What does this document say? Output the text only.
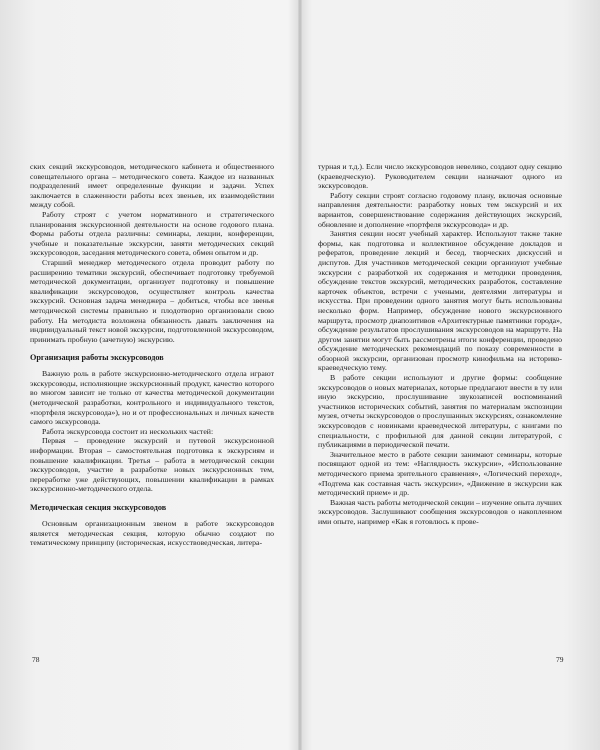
ских секций экскурсоводов, методического кабинета и общественного совещательного органа – методического совета. Каждое из названных подразделений имеет определенные функции и задачи. Успех заключается в слаженности работы всех звеньев, их взаимодействии между собой.

Работу строят с учетом нормативного и стратегического планирования экскурсионной деятельности на основе годового плана. Формы работы отдела различны: семинары, лекции, конференции, учебные и показательные экскурсии, заняти методических секций экскурсоводов, заседания методического совета, обмен опытом и др.

Старший менеджер методического отдела проводит работу по расширению тематики экскурсий, обеспечивает подготовку требуемой методической документации, организует подготовку и повышение квалификации экскурсоводов, осуществляет контроль качества экскурсий. Основная задача менеджера – добиться, чтобы все звенья методической системы правильно и плодотворно организовали свою работу. На методиста возложена обязанность давать заключения на индивидуальный текст новой экскурсии, подготовленной экскурсоводом, принимать пробную (зачетную) экскурсию.

Организация работы экскурсоводов

Важную роль в работе экскурсионно-методического отдела играют экскурсоводы, исполняющие экскурсионный продукт, качество которого во многом зависит не только от качества методической документации (методической разработки, контрольного и индивидуального текстов, «портфеля экскурсовода»), но и от профессиональных и личных качеств самого экскурсовода.

Работа экскурсовода состоит из нескольких частей:

Первая – проведение экскурсий и путевой экскурсионной информации. Вторая – самостоятельная подготовка к экскурсиям и повышение квалификации. Третья – работа в методической секции экскурсоводов, участие в разработке новых экскурсионных тем, переработке уже действующих, повышении квалификации в рамках экскурсионно-методического отдела.

Методическая секция экскурсоводов

Основным организационным звеном в работе экскурсоводов является методическая секция, которую обычно создают по тематическому принципу (историческая, искусствоведческая, литера-

78

турная и т.д.). Если число экскурсоводов невелико, создают одну секцию (краеведческую). Руководителем секции назначают одного из экскурсоводов.

Работу секции строят согласно годовому плану, включая основные направления деятельности: разработку новых тем экскурсий и их вариантов, совершенствование содержания действующих экскурсий, обновление и дополнение «портфеля экскурсовода» и др.

Занятия секции носят учебный характер. Используют также такие формы, как подготовка и коллективное обсуждение докладов и рефератов, проведение лекций и бесед, творческих дискуссий и диспутов. Для участников методической секции организуют учебные экскурсии с разработкой их содержания и методики проведения, обсуждение текстов экскурсий, методических разработок, составление карточек объектов, встречи с учеными, деятелями литературы и искусства. При проведении одного занятия могут быть использованы несколько форм. Например, обсуждение нового экскурсионного маршрута, просмотр диапозитивов «Архитектурные памятники города», обсуждение результатов прослушивания экскурсоводов на маршруте. На другом занятии могут быть рассмотрены итоги конференции, проведено обсуждение методических рекомендаций по показу современности в обзорной экскурсии, организован просмотр кинофильма на историко-краеведческую тему.

В работе секции используют и другие формы: сообщение экскурсоводов о новых материалах, которые предлагают ввести в ту или иную экскурсию, прослушивание звукозаписей воспоминаний участников исторических событий, занятия по материалам экспозиции музея, отчеты экскурсоводов о прослушанных экскурсиях, ознакомление экскурсоводов с новинками краеведческой литературы, с книгами по специальности, с профильной для данной секции литературой, с публикациями в периодической печати.

Значительное место в работе секции занимают семинары, которые посвящают одной из тем: «Наглядность экскурсии», «Использование методического приема зрительного сравнения», «Логический переход», «Подтема как составная часть экскурсии», «Движение в экскурсии как методический прием» и др.

Важная часть работы методической секции – изучение опыта лучших экскурсоводов. Заслушивают сообщения экскурсоводов о накопленном ими опыте, например «Как я готовлюсь к прове-

79
